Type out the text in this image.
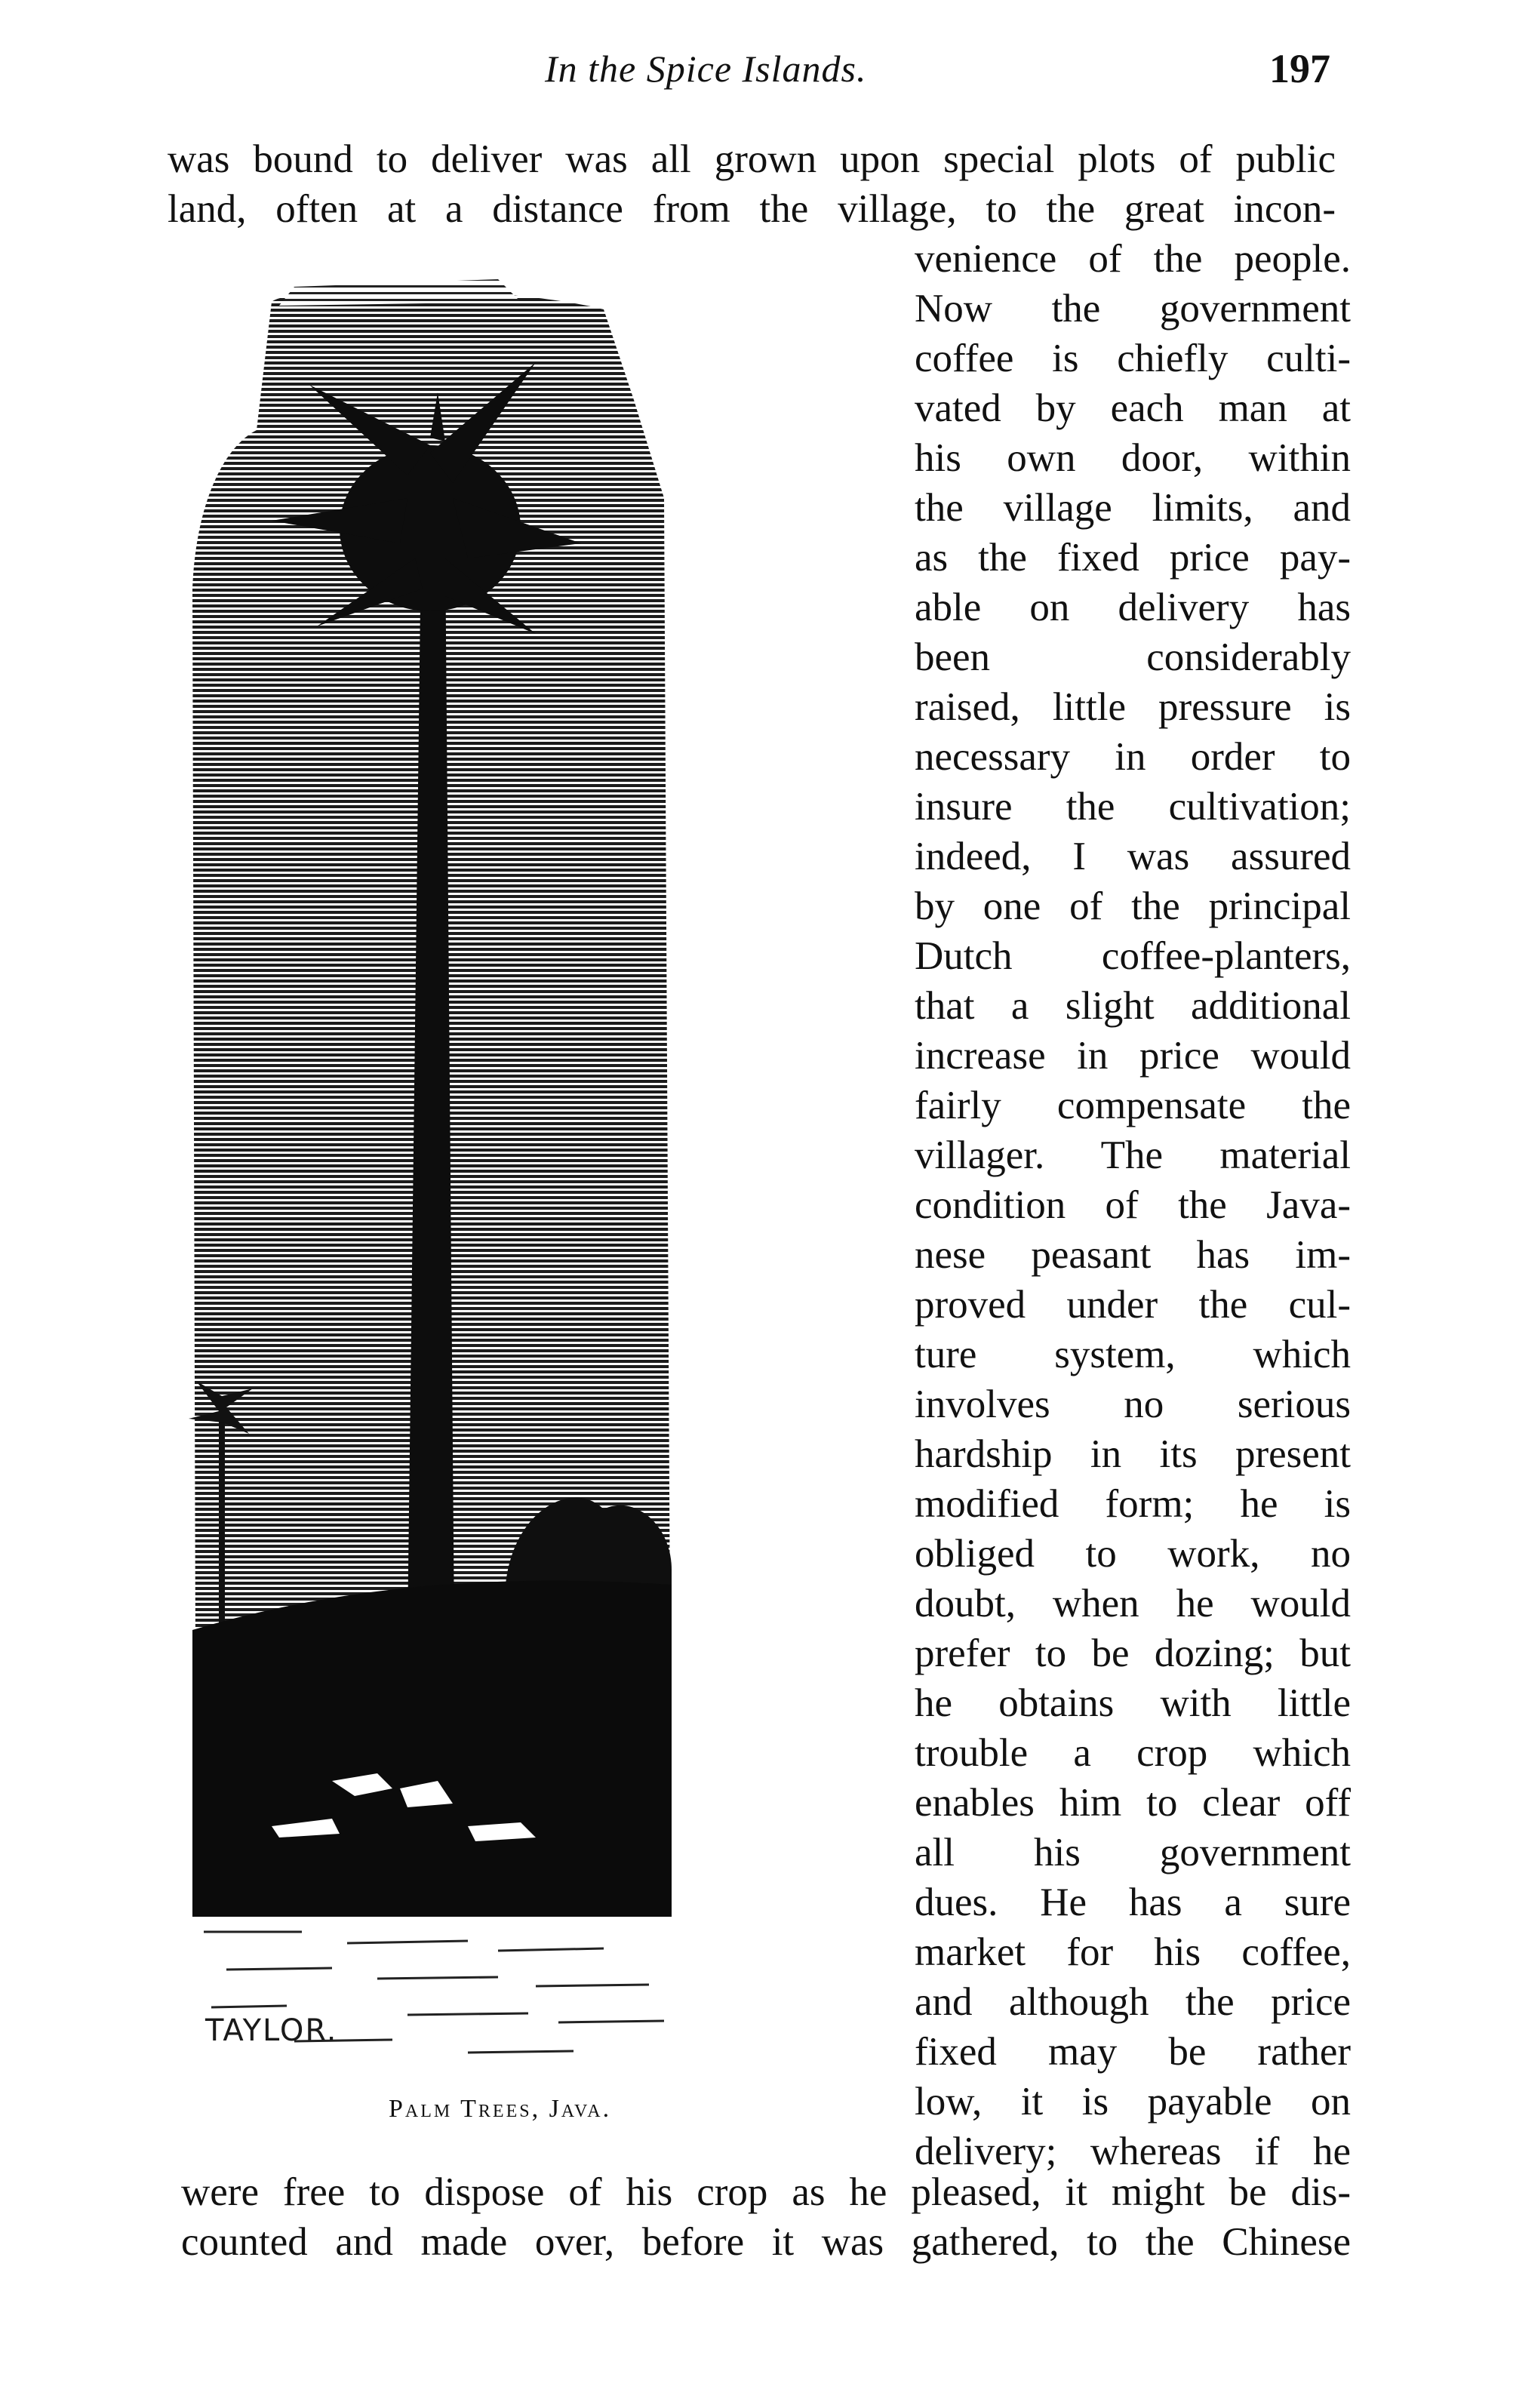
In the Spice Islands.	197
was bound to deliver was all grown upon special plots of public
land, often at a distance from the village, to the great incon-
venience of the people.
Now the government
coffee is chiefly culti-
vated by each man at
his own door, within
the village limits, and
as the fixed price pay-
able on delivery has
been considerably
raised, little pressure is
necessary in order to
insure the cultivation;
indeed, I was assured
by one of the principal
Dutch coffee-planters,
that a slight additional
increase in price would
fairly compensate the
villager. The material
condition of the Java-
nese peasant has im-
proved under the cul-
ture system, which
involves no serious
hardship in its present
modified form; he is
obliged to work, no
doubt, when he would
prefer to be dozing; but
he obtains with little
trouble a crop which
enables him to clear off
all his government
dues. He has a sure
market for his coffee,
and although the price
fixed may be rather
low, it is payable on
delivery; whereas if he
were free to dispose of his crop as he pleased, it might be dis-
counted and made over, before it was gathered, to the Chinese
TAYLOR.
Palm Trees, Java.
